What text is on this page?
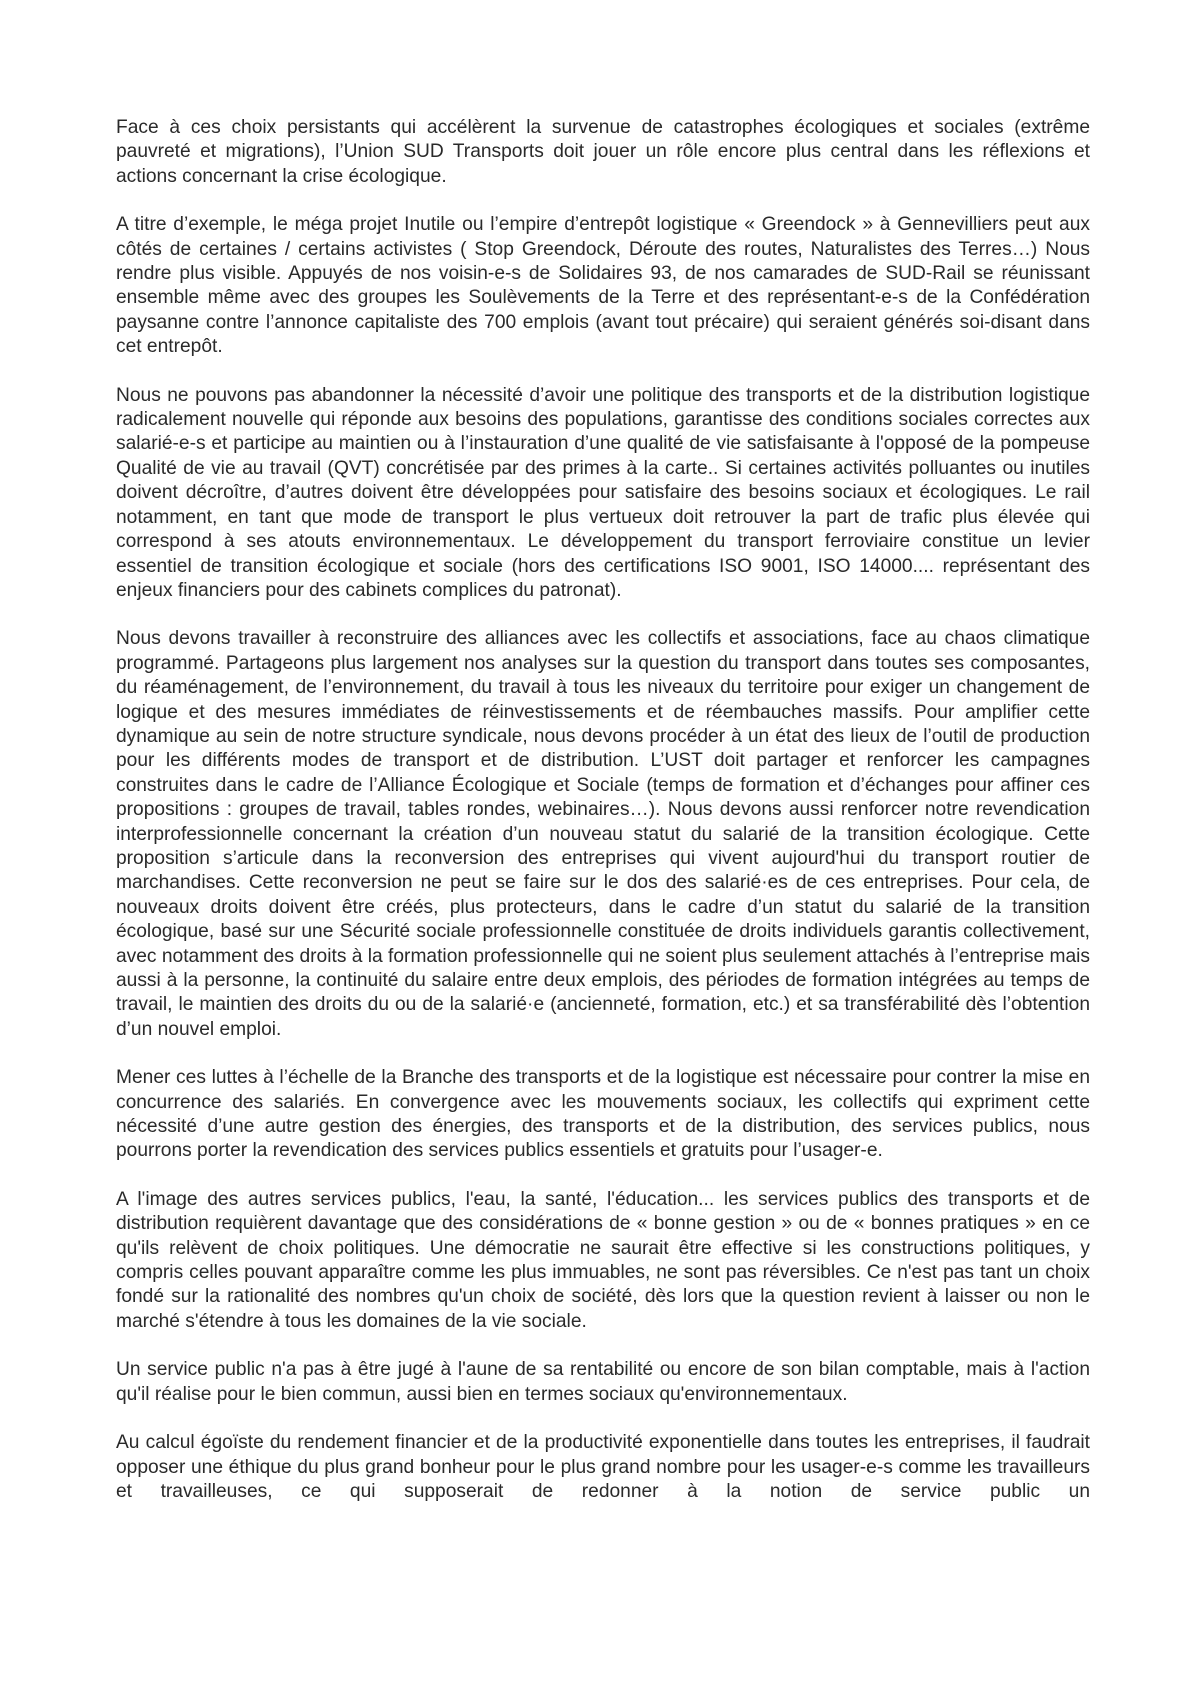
Face à ces choix persistants qui accélèrent la survenue de catastrophes écologiques et sociales (extrême pauvreté et migrations), l’Union SUD Transports doit jouer un rôle encore plus central dans les réflexions et actions concernant la crise écologique.

A titre d’exemple, le méga projet Inutile ou l’empire d’entrepôt logistique « Greendock » à Gennevilliers peut aux côtés de certaines / certains activistes ( Stop Greendock, Déroute des routes, Naturalistes des Terres…) Nous rendre plus visible. Appuyés de nos voisin-e-s de Solidaires 93, de nos camarades de SUD-Rail se réunissant ensemble même avec des groupes les Soulèvements de la Terre et des représentant-e-s de la Confédération paysanne contre l’annonce capitaliste des 700 emplois (avant tout précaire) qui seraient générés soi-disant dans cet entrepôt.

Nous ne pouvons pas abandonner la nécessité d’avoir une politique des transports et de la distribution logistique radicalement nouvelle qui réponde aux besoins des populations, garantisse des conditions sociales correctes aux salarié-e-s et participe au maintien ou à l’instauration d’une qualité de vie satisfaisante à l'opposé de la pompeuse Qualité de vie au travail (QVT) concrétisée par des primes à la carte.. Si certaines activités polluantes ou inutiles doivent décroître, d’autres doivent être développées pour satisfaire des besoins sociaux et écologiques. Le rail notamment, en tant que mode de transport le plus vertueux doit retrouver la part de trafic plus élevée qui correspond à ses atouts environnementaux. Le développement du transport ferroviaire constitue un levier essentiel de transition écologique et sociale (hors des certifications ISO 9001, ISO 14000.... représentant des enjeux financiers pour des cabinets complices du patronat).

Nous devons travailler à reconstruire des alliances avec les collectifs et associations, face au chaos climatique programmé. Partageons plus largement nos analyses sur la question du transport dans toutes ses composantes, du réaménagement, de l’environnement, du travail à tous les niveaux du territoire pour exiger un changement de logique et des mesures immédiates de réinvestissements et de réembauches massifs. Pour amplifier cette dynamique au sein de notre structure syndicale, nous devons procéder à un état des lieux de l’outil de production pour les différents modes de transport et de distribution. L’UST doit partager et renforcer les campagnes construites dans le cadre de l’Alliance Écologique et Sociale (temps de formation et d’échanges pour affiner ces propositions : groupes de travail, tables rondes, webinaires…). Nous devons aussi renforcer notre revendication interprofessionnelle concernant la création d’un nouveau statut du salarié de la transition écologique. Cette proposition s’articule dans la reconversion des entreprises qui vivent aujourd'hui du transport routier de marchandises. Cette reconversion ne peut se faire sur le dos des salarié·es de ces entreprises. Pour cela, de nouveaux droits doivent être créés, plus protecteurs, dans le cadre d’un statut du salarié de la transition écologique, basé sur une Sécurité sociale professionnelle constituée de droits individuels garantis collectivement, avec notamment des droits à la formation professionnelle qui ne soient plus seulement attachés à l’entreprise mais aussi à la personne, la continuité du salaire entre deux emplois, des périodes de formation intégrées au temps de travail, le maintien des droits du ou de la salarié·e (ancienneté, formation, etc.) et sa transférabilité dès l’obtention d’un nouvel emploi.

Mener ces luttes à l’échelle de la Branche des transports et de la logistique est nécessaire pour contrer la mise en concurrence des salariés. En convergence avec les mouvements sociaux, les collectifs qui expriment cette nécessité d’une autre gestion des énergies, des transports et de la distribution, des services publics, nous pourrons porter la revendication des services publics essentiels et gratuits pour l’usager-e.

A l'image des autres services publics, l'eau, la santé, l'éducation... les services publics des transports et de distribution requièrent davantage que des considérations de « bonne gestion » ou de « bonnes pratiques » en ce qu'ils relèvent de choix politiques. Une démocratie ne saurait être effective si les constructions politiques, y compris celles pouvant apparaître comme les plus immuables, ne sont pas réversibles. Ce n'est pas tant un choix fondé sur la rationalité des nombres qu'un choix de société, dès lors que la question revient à laisser ou non le marché s'étendre à tous les domaines de la vie sociale.

Un service public n'a pas à être jugé à l'aune de sa rentabilité ou encore de son bilan comptable, mais à l'action qu'il réalise pour le bien commun, aussi bien en termes sociaux qu'environnementaux.

Au calcul égoïste du rendement financier et de la productivité exponentielle dans toutes les entreprises, il faudrait opposer une éthique du plus grand bonheur pour le plus grand nombre pour les usager-e-s comme les travailleurs et travailleuses, ce qui supposerait de redonner à la notion de service public un
